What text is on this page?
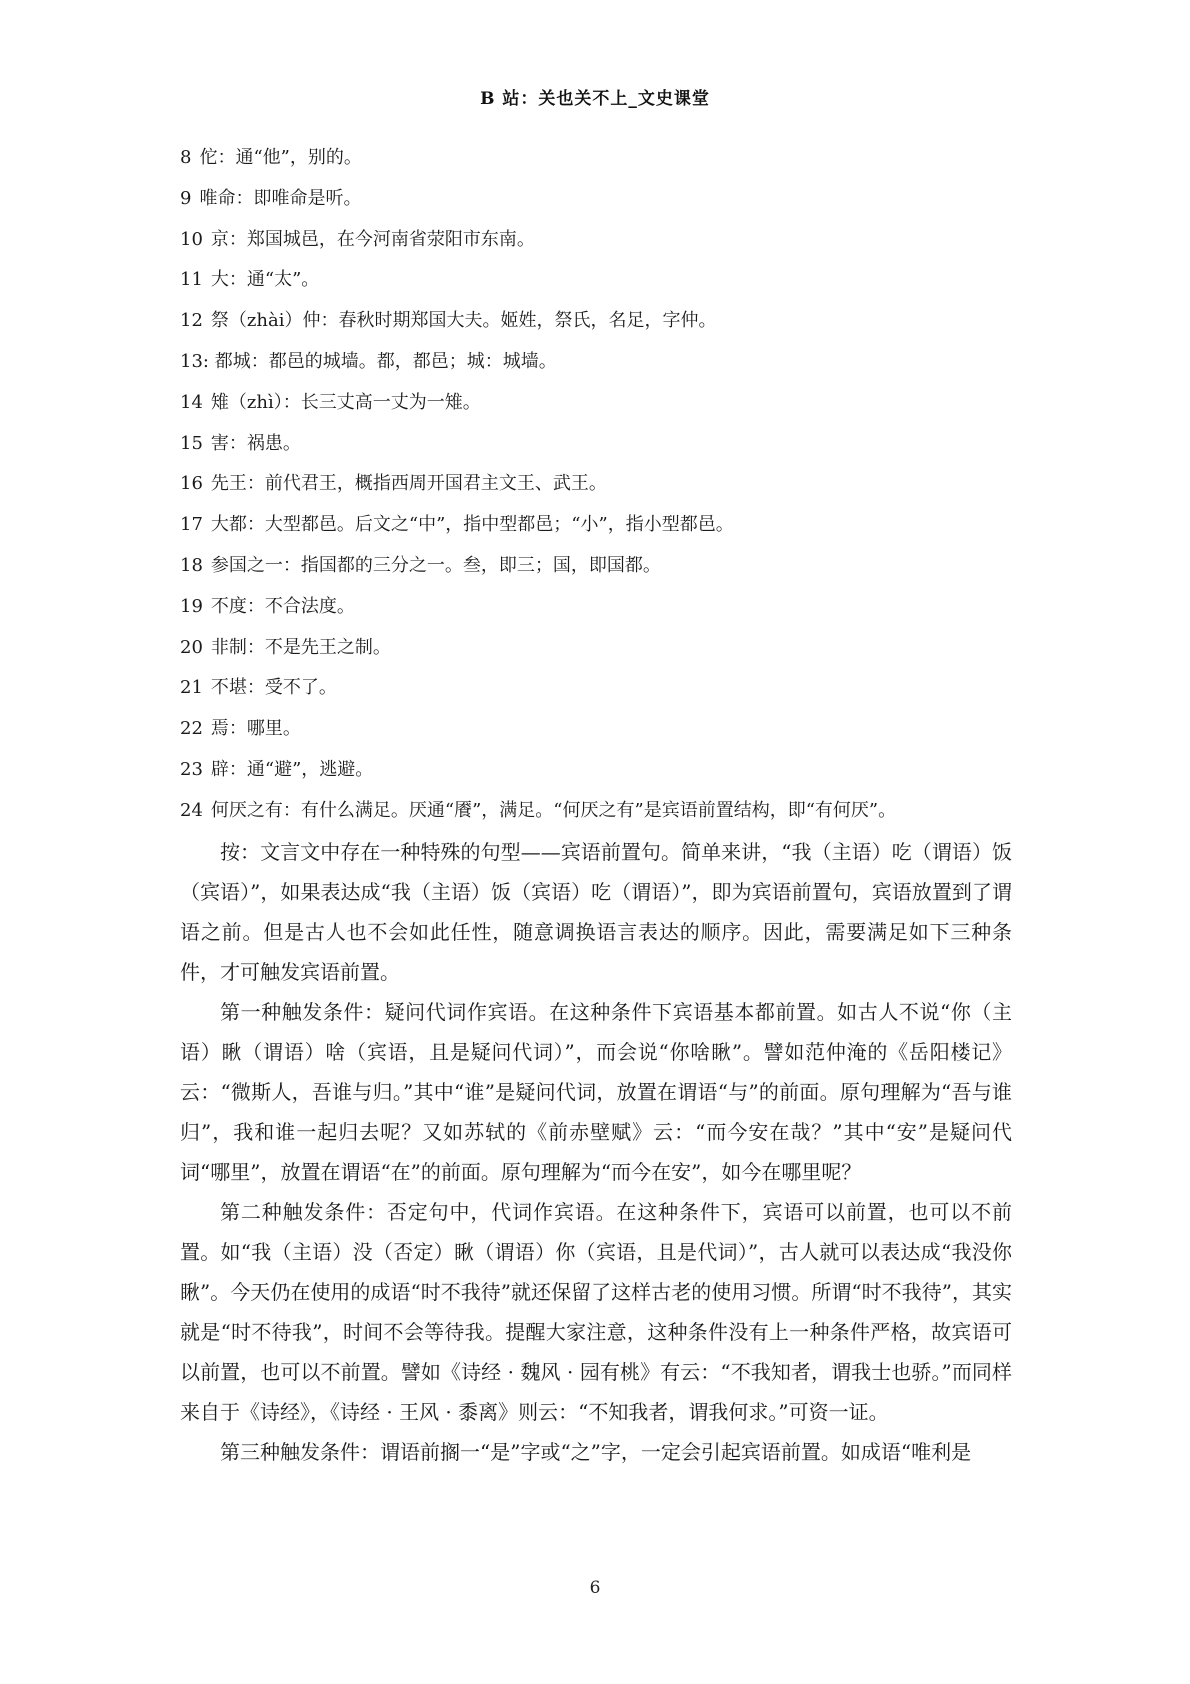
B 站：关也关不上_文史课堂
8 佗：通“他”，别的。
9 唯命：即唯命是听。
10 京：郑国城邑，在今河南省荥阳市东南。
11 大：通“太”。
12 祭（zhài）仲：春秋时期郑国大夫。姬姓，祭氏，名足，字仲。
13: 都城：都邑的城墙。都，都邑；城：城墙。
14 雉（zhì）：长三丈高一丈为一雉。
15 害：祸患。
16 先王：前代君王，概指西周开国君主文王、武王。
17 大都：大型都邑。后文之“中”，指中型都邑；“小”，指小型都邑。
18 参国之一：指国都的三分之一。叁，即三；国，即国都。
19 不度：不合法度。
20 非制：不是先王之制。
21 不堪：受不了。
22 焉：哪里。
23 辟：通“避”，逃避。
24 何厌之有：有什么满足。厌通“餍”，满足。“何厌之有”是宾语前置结构，即“有何厌”。

按：文言文中存在一种特殊的句型——宾语前置句。简单来讲，“我（主语）吃（谓语）饭（宾语）”，如果表达成“我（主语）饭（宾语）吃（谓语）”，即为宾语前置句，宾语放置到了谓语之前。但是古人也不会如此任性，随意调换语言表达的顺序。因此，需要满足如下三种条件，才可触发宾语前置。

第一种触发条件：疑问代词作宾语。在这种条件下宾语基本都前置。如古人不说“你（主语）瞅（谓语）啥（宾语，且是疑问代词）”，而会说“你啥瞅”。譬如范仲淹的《岳阳楼记》云：“微斯人，吾谁与归。”其中“谁”是疑问代词，放置在谓语“与”的前面。原句理解为“吾与谁归”，我和谁一起归去呢？又如苏轼的《前赤壁赋》云：“而今安在哉？”其中“安”是疑问代词“哪里”，放置在谓语“在”的前面。原句理解为“而今在安”，如今在哪里呢？

第二种触发条件：否定句中，代词作宾语。在这种条件下，宾语可以前置，也可以不前置。如“我（主语）没（否定）瞅（谓语）你（宾语，且是代词）”，古人就可以表达成“我没你瞅”。今天仍在使用的成语“时不我待”就还保留了这样古老的使用习惯。所谓“时不我待”，其实就是“时不待我”，时间不会等待我。提醒大家注意，这种条件没有上一种条件严格，故宾语可以前置，也可以不前置。譬如《诗经 · 魏风 · 园有桃》有云：“不我知者，谓我士也骄。”而同样来自于《诗经》，《诗经 · 王风 · 黍离》则云：“不知我者，谓我何求。”可资一证。

第三种触发条件：谓语前搁一“是”字或“之”字，一定会引起宾语前置。如成语“唯利是

6
